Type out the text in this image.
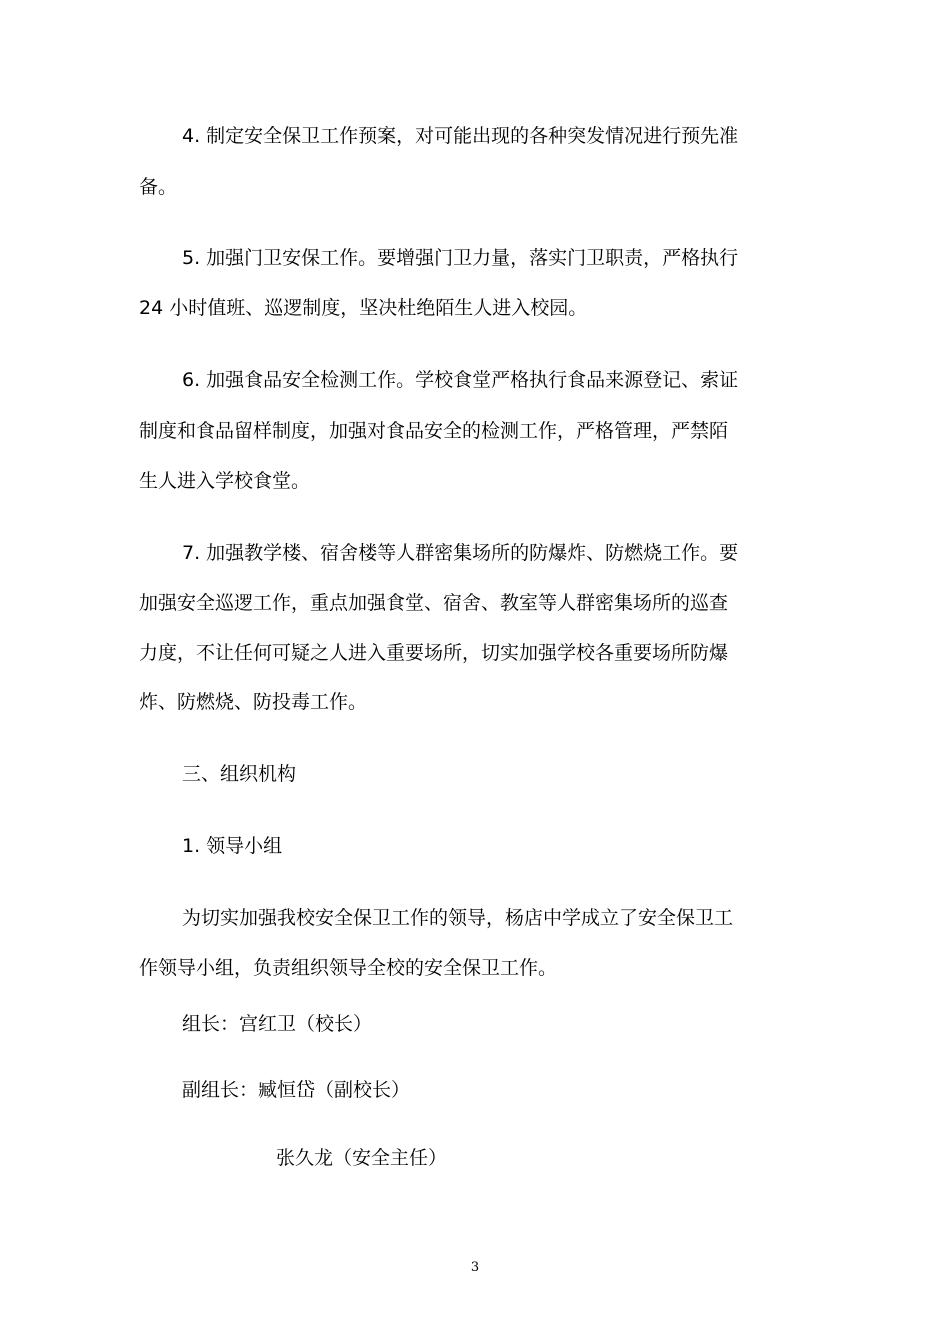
4. 制定安全保卫工作预案，对可能出现的各种突发情况进行预先准
备。
5. 加强门卫安保工作。要增强门卫力量，落实门卫职责，严格执行
24 小时值班、巡逻制度，坚决杜绝陌生人进入校园。
6. 加强食品安全检测工作。学校食堂严格执行食品来源登记、索证
制度和食品留样制度，加强对食品安全的检测工作，严格管理，严禁陌
生人进入学校食堂。
7. 加强教学楼、宿舍楼等人群密集场所的防爆炸、防燃烧工作。要
加强安全巡逻工作，重点加强食堂、宿舍、教室等人群密集场所的巡查
力度，不让任何可疑之人进入重要场所，切实加强学校各重要场所防爆
炸、防燃烧、防投毒工作。
三、组织机构
1. 领导小组
为切实加强我校安全保卫工作的领导，杨店中学成立了安全保卫工
作领导小组，负责组织领导全校的安全保卫工作。
组长：宫红卫（校长）
副组长：臧恒岱（副校长）
张久龙（安全主任）
3
